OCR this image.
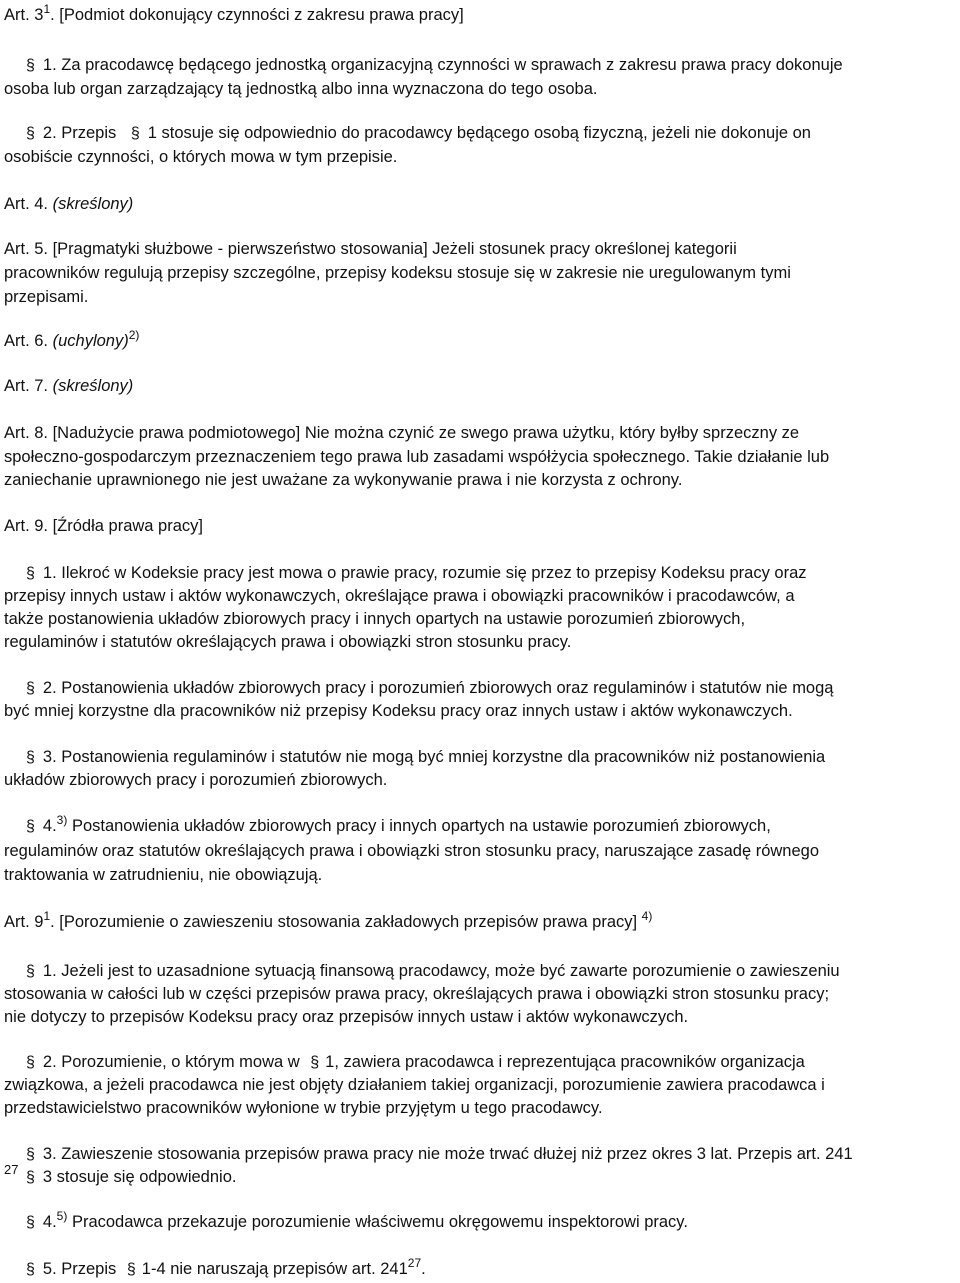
Art. $3^1$. [Podmiot dokonujący czynności z zakresu prawa pracy]
§ 1. Za pracodawcę będącego jednostką organizacyjną czynności w sprawach z zakresu prawa pracy dokonuje
osoba lub organ zarządzający tą jednostką albo inna wyznaczona do tego osoba.
§ 2. Przepis § 1 stosuje się odpowiednio do pracodawcy będącego osobą fizyczną, jeżeli nie dokonuje on
osobiście czynności, o których mowa w tym przepisie.
Art. 4. (skreślony)
Art. 5. [Pragmatyki służbowe - pierwszeństwo stosowania] Jeżeli stosunek pracy określonej kategorii
pracowników regulują przepisy szczególne, przepisy kodeksu stosuje się w zakresie nie uregulowanym tymi
przepisami.
Art. 6. (uchylony)$^{2)}$
Art. 7. (skreślony)
Art. 8. [Nadużycie prawa podmiotowego] Nie można czynić ze swego prawa użytku, który byłby sprzeczny ze
społeczno-gospodarczym przeznaczeniem tego prawa lub zasadami współżycia społecznego. Takie działanie lub
zaniechanie uprawnionego nie jest uważane za wykonywanie prawa i nie korzysta z ochrony.
Art. 9. [Źródła prawa pracy]
§ 1. Ilekroć w Kodeksie pracy jest mowa o prawie pracy, rozumie się przez to przepisy Kodeksu pracy oraz
przepisy innych ustaw i aktów wykonawczych, określające prawa i obowiązki pracowników i pracodawców, a
także postanowienia układów zbiorowych pracy i innych opartych na ustawie porozumień zbiorowych,
regulaminów i statutów określających prawa i obowiązki stron stosunku pracy.
§ 2. Postanowienia układów zbiorowych pracy i porozumień zbiorowych oraz regulaminów i statutów nie mogą
być mniej korzystne dla pracowników niż przepisy Kodeksu pracy oraz innych ustaw i aktów wykonawczych.
§ 3. Postanowienia regulaminów i statutów nie mogą być mniej korzystne dla pracowników niż postanowienia
układów zbiorowych pracy i porozumień zbiorowych.
§ 4.$^{3)}$ Postanowienia układów zbiorowych pracy i innych opartych na ustawie porozumień zbiorowych,
regulaminów oraz statutów określających prawa i obowiązki stron stosunku pracy, naruszające zasadę równego
traktowania w zatrudnieniu, nie obowiązują.
Art. $9^1$. [Porozumienie o zawieszeniu stosowania zakładowych przepisów prawa pracy] $^{4)}$
§ 1. Jeżeli jest to uzasadnione sytuacją finansową pracodawcy, może być zawarte porozumienie o zawieszeniu
stosowania w całości lub w części przepisów prawa pracy, określających prawa i obowiązki stron stosunku pracy;
nie dotyczy to przepisów Kodeksu pracy oraz przepisów innych ustaw i aktów wykonawczych.
§ 2. Porozumienie, o którym mowa w § 1, zawiera pracodawca i reprezentująca pracowników organizacja
związkowa, a jeżeli pracodawca nie jest objęty działaniem takiej organizacji, porozumienie zawiera pracodawca i
przedstawicielstwo pracowników wyłonione w trybie przyjętym u tego pracodawcy.
§ 3. Zawieszenie stosowania przepisów prawa pracy nie może trwać dłużej niż przez okres 3 lat. Przepis art. 241
27 § 3 stosuje się odpowiednio.
§ 4.$^{5)}$ Pracodawca przekazuje porozumienie właściwemu okręgowemu inspektorowi pracy.
§ 5. Przepis § 1-4 nie naruszają przepisów art. $241^{27}$.
